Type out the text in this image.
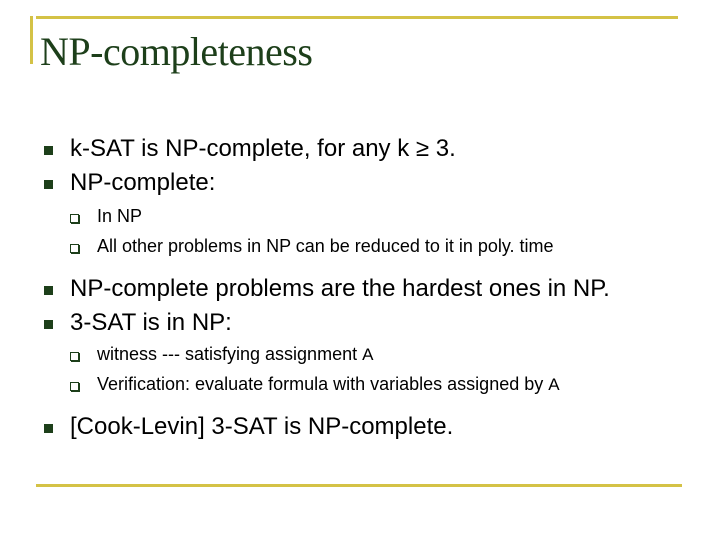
NP-completeness
k-SAT is NP-complete, for any k ≥ 3.
NP-complete:
In NP
All other problems in NP can be reduced to it in poly. time
NP-complete problems are the hardest ones in NP.
3-SAT is in NP:
witness --- satisfying assignment A
Verification: evaluate formula with variables assigned by A
[Cook-Levin] 3-SAT is NP-complete.
